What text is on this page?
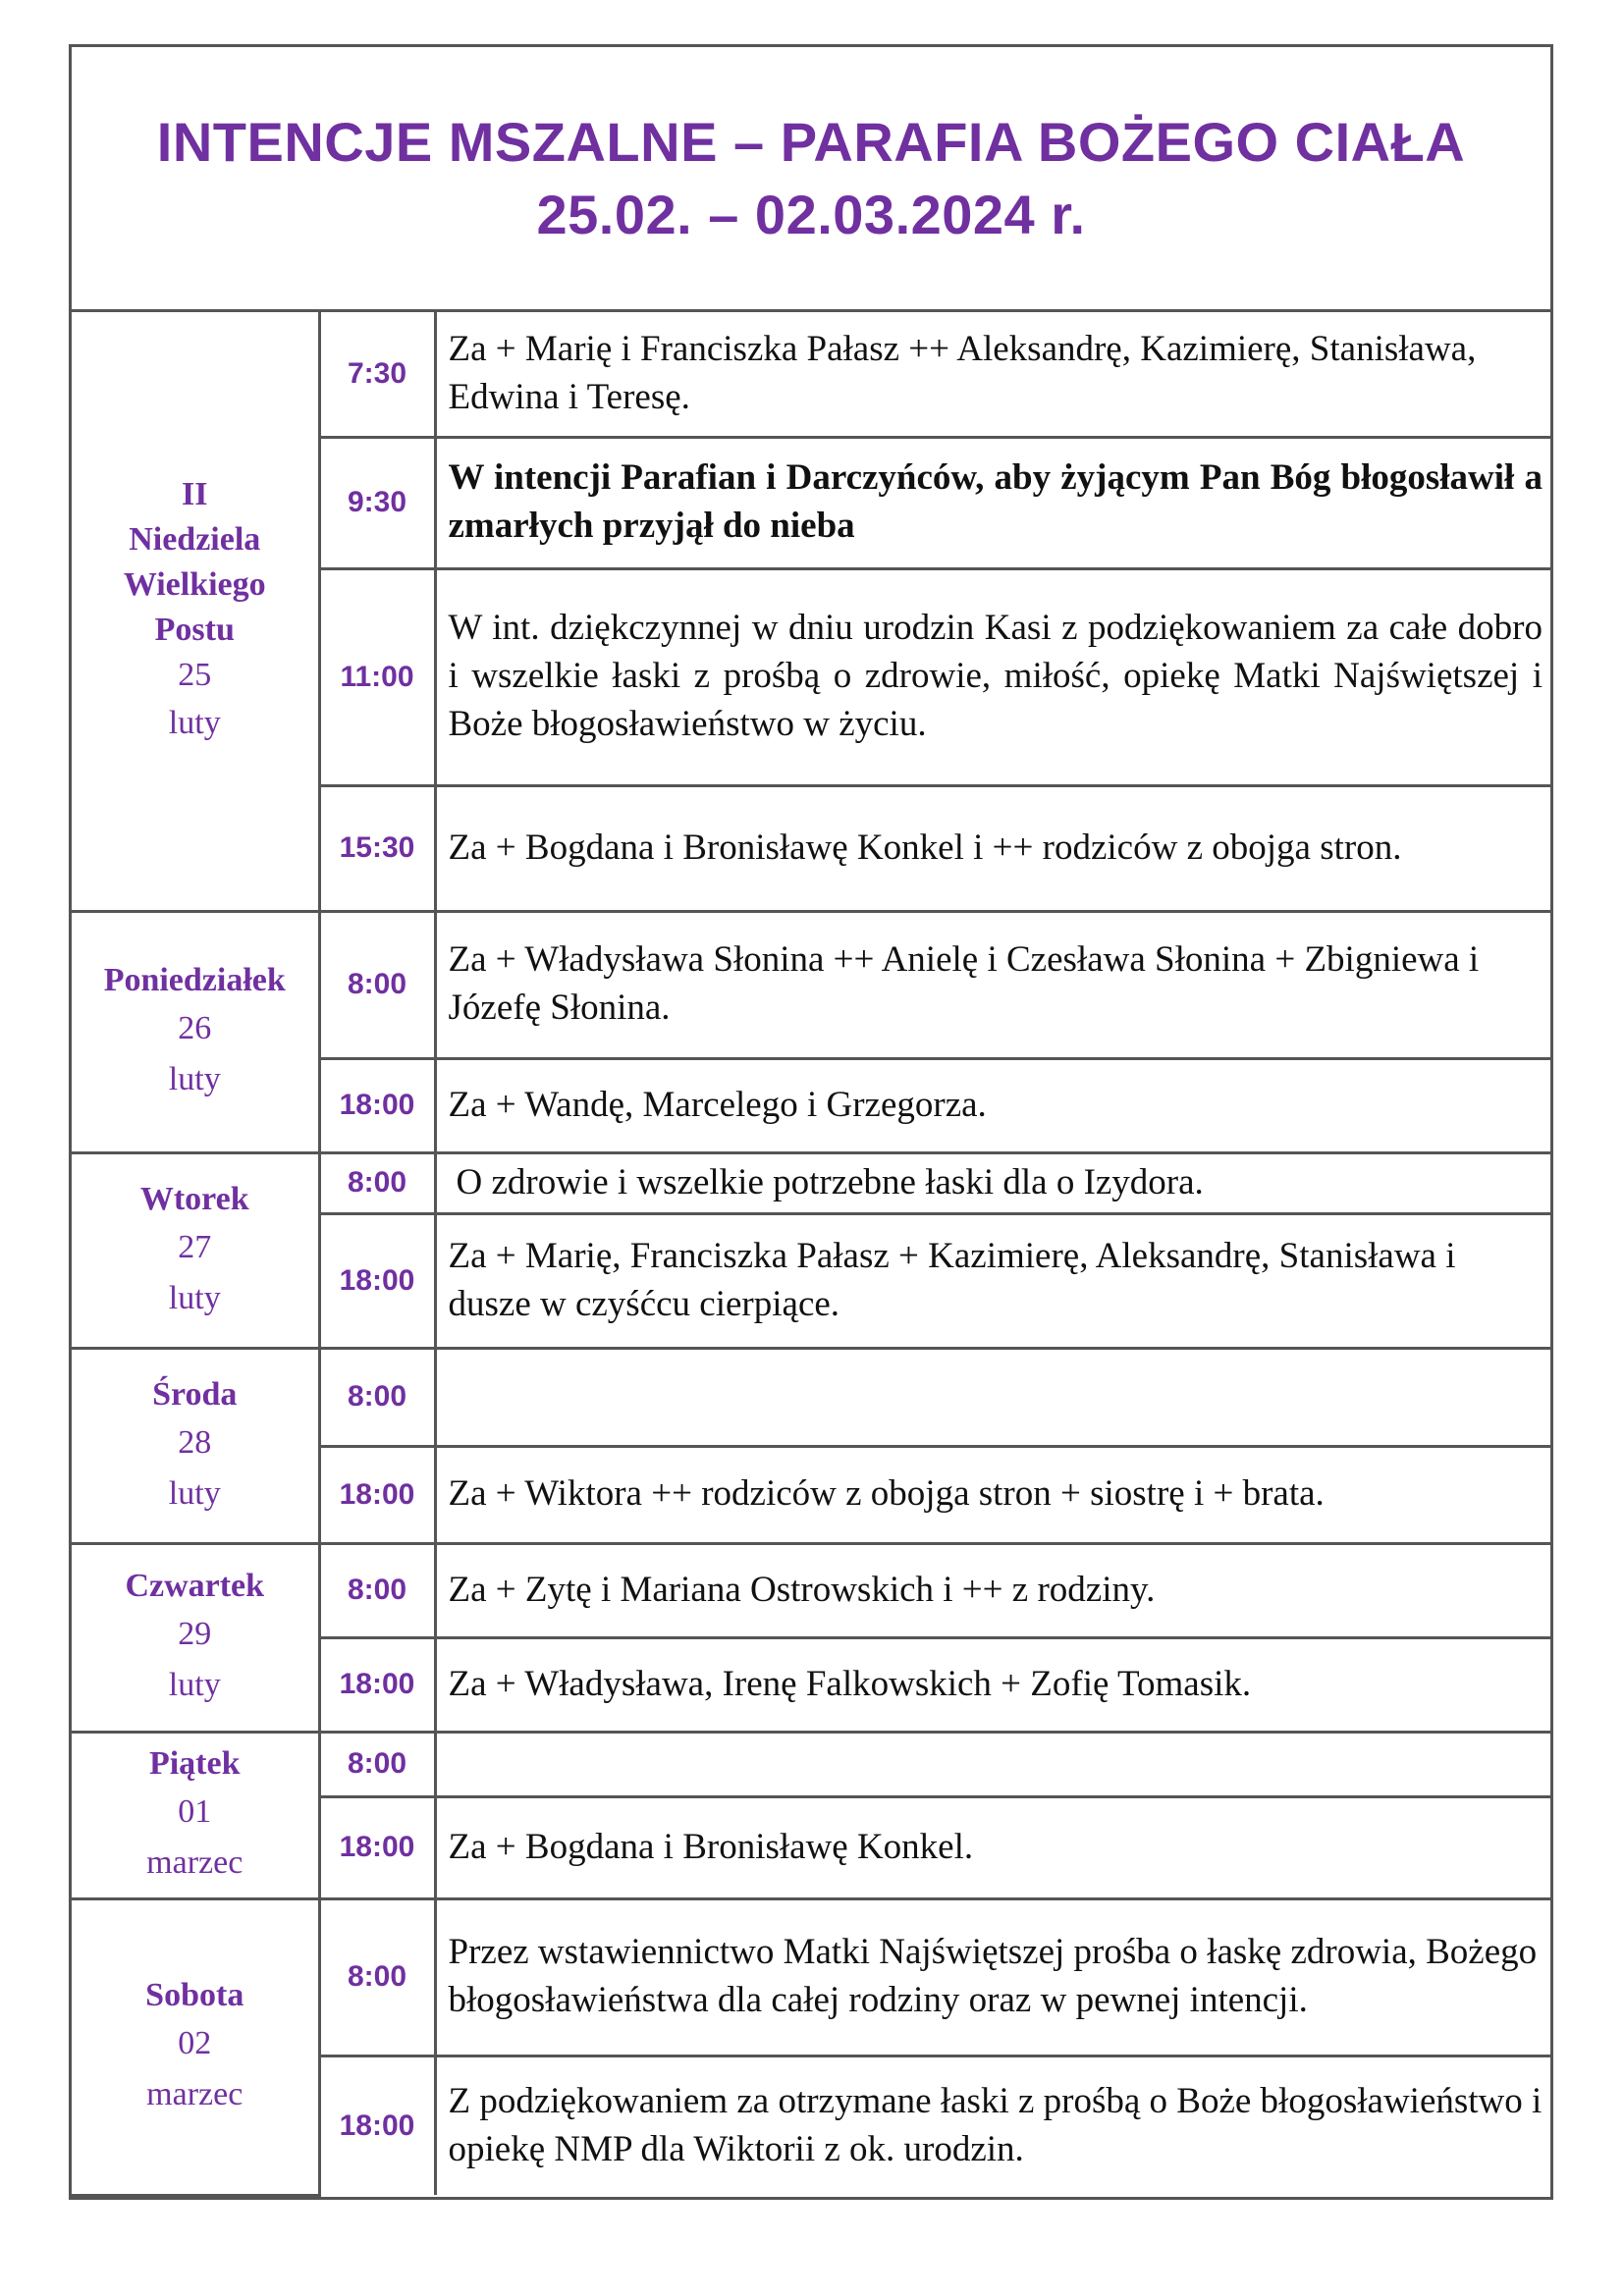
INTENCJE MSZALNE – PARAFIA BOŻEGO CIAŁA
25.02. – 02.03.2024 r.
II Niedziela Wielkiego Postu
25
luty	7:30	Za + Marię i Franciszka Pałasz ++ Aleksandrę, Kazimierę, Stanisława, Edwina i Teresę.
	9:30	W intencji Parafian i Darczyńców, aby żyjącym Pan Bóg błogosławił a zmarłych przyjął do nieba
	11:00	W int. dziękczynnej w dniu urodzin Kasi z podziękowaniem za całe dobro i wszelkie łaski z prośbą o zdrowie, miłość, opiekę Matki Najświętszej i Boże błogosławieństwo w życiu.
	15:30	Za + Bogdana i Bronisławę Konkel i ++ rodziców z obojga stron.

Poniedziałek
26
luty	8:00	Za + Władysława Słonina ++ Anielę i Czesława Słonina + Zbigniewa i Józefę Słonina.
	18:00	Za + Wandę, Marcelego i Grzegorza.

Wtorek
27
luty	8:00	O zdrowie i wszelkie potrzebne łaski dla o Izydora.
	18:00	Za + Marię, Franciszka Pałasz + Kazimierę, Aleksandrę, Stanisława i dusze w czyśćcu cierpiące.

Środa
28
luty	8:00	
	18:00	Za + Wiktora ++ rodziców z obojga stron + siostrę i + brata.

Czwartek
29
luty	8:00	Za + Zytę i Mariana Ostrowskich i ++ z rodziny.
	18:00	Za + Władysława, Irenę Falkowskich + Zofię Tomasik.

Piątek
01
marzec	8:00	
	18:00	Za + Bogdana i Bronisławę Konkel.

Sobota
02
marzec	8:00	Przez wstawiennictwo Matki Najświętszej prośba o łaskę zdrowia, Bożego błogosławieństwa dla całej rodziny oraz w pewnej intencji.
	18:00	Z podziękowaniem za otrzymane łaski z prośbą o Boże błogosławieństwo i opiekę NMP dla Wiktorii z ok. urodzin.
